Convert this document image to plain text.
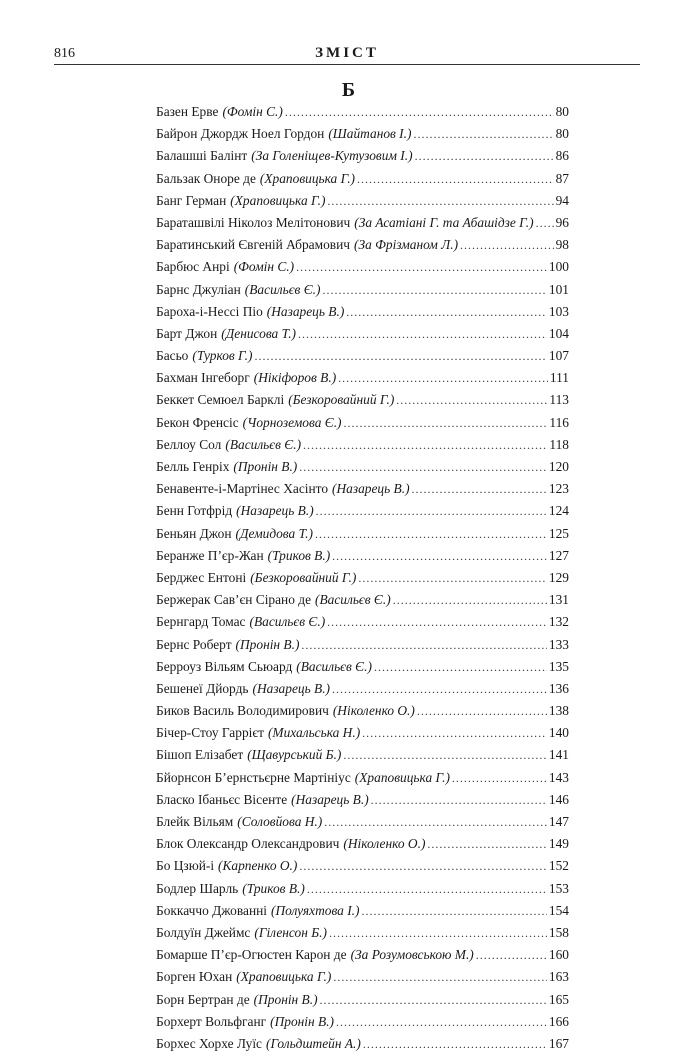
816	ЗМІСТ
Б
Базен Ерве (Фомін С.) .....	80
Байрон Джордж Ноел Гордон (Шайтанов І.) .....	80
Балашші Балінт (За Голеніщев-Кутузовим І.) .....	86
Бальзак Оноре де (Храповицька Г.) .....	87
Банг Герман (Храповицька Г.) .....	94
Бараташвілі Ніколоз Мелітонович (За Асатіані Г. та Абашідзе Г.) ..... 96
Баратинський Євгеній Абрамович (За Фрізманом Л.) .....	98
Барбюс Анрі (Фомін С.) .....	100
Барнс Джуліан (Васильєв Є.) .....	101
Бароха-і-Нессі Піо (Назарець В.) .....	103
Барт Джон (Денисова Т.) .....	104
Басьо (Турков Г.) .....	107
Бахман Інгеборг (Нікіфоров В.) .....	111
Беккет Семюел Барклі (Безкоровайний Г.) .....	113
Бекон Френсіс (Чорноземова Є.) .....	116
Беллоу Сол (Васильєв Є.) .....	118
Белль Генріх (Пронін В.) .....	120
Бенавенте-і-Мартінес Хасінто (Назарець В.) .....	123
Бенн Готфрід (Назарець В.) .....	124
Беньян Джон (Демидова Т.) .....	125
Беранже П’єр-Жан (Триков В.) .....	127
Берджес Ентоні (Безкоровайний Г.) .....	129
Бержерак Сав’єн Сірано де (Васильєв Є.) .....	131
Бернгард Томас (Васильєв Є.) .....	132
Бернс Роберт (Пронін В.) .....	133
Берроуз Вільям Сьюард (Васильєв Є.) .....	135
Бешенеї Дйордь (Назарець В.) .....	136
Биков Василь Володимирович (Ніколенко О.) .....	138
Бічер-Стоу Гаррієт (Михальська Н.) .....	140
Бішоп Елізабет (Щавурський Б.) .....	141
Бйорнсон Б’ернстьєрне Мартініус (Храповицька Г.) .....	143
Бласко Ібаньєс Вісенте (Назарець В.) .....	146
Блейк Вільям (Соловйова Н.) .....	147
Блок Олександр Олександрович (Ніколенко О.) .....	149
Бо Цзюй-і (Карпенко О.) .....	152
Бодлер Шарль (Триков В.) .....	153
Боккаччо Джованні (Полуяхтова І.) .....	154
Болдуїн Джеймс (Гіленсон Б.) .....	158
Бомарше П’єр-Огюстен Карон де (За Розумовською М.) .....	160
Борген Юхан (Храповицька Г.) .....	163
Борн Бертран де (Пронін В.) .....	165
Борхерт Вольфганг (Пронін В.) .....	166
Борхес Хорхе Луїс (Гольдштейн А.) .....	167
